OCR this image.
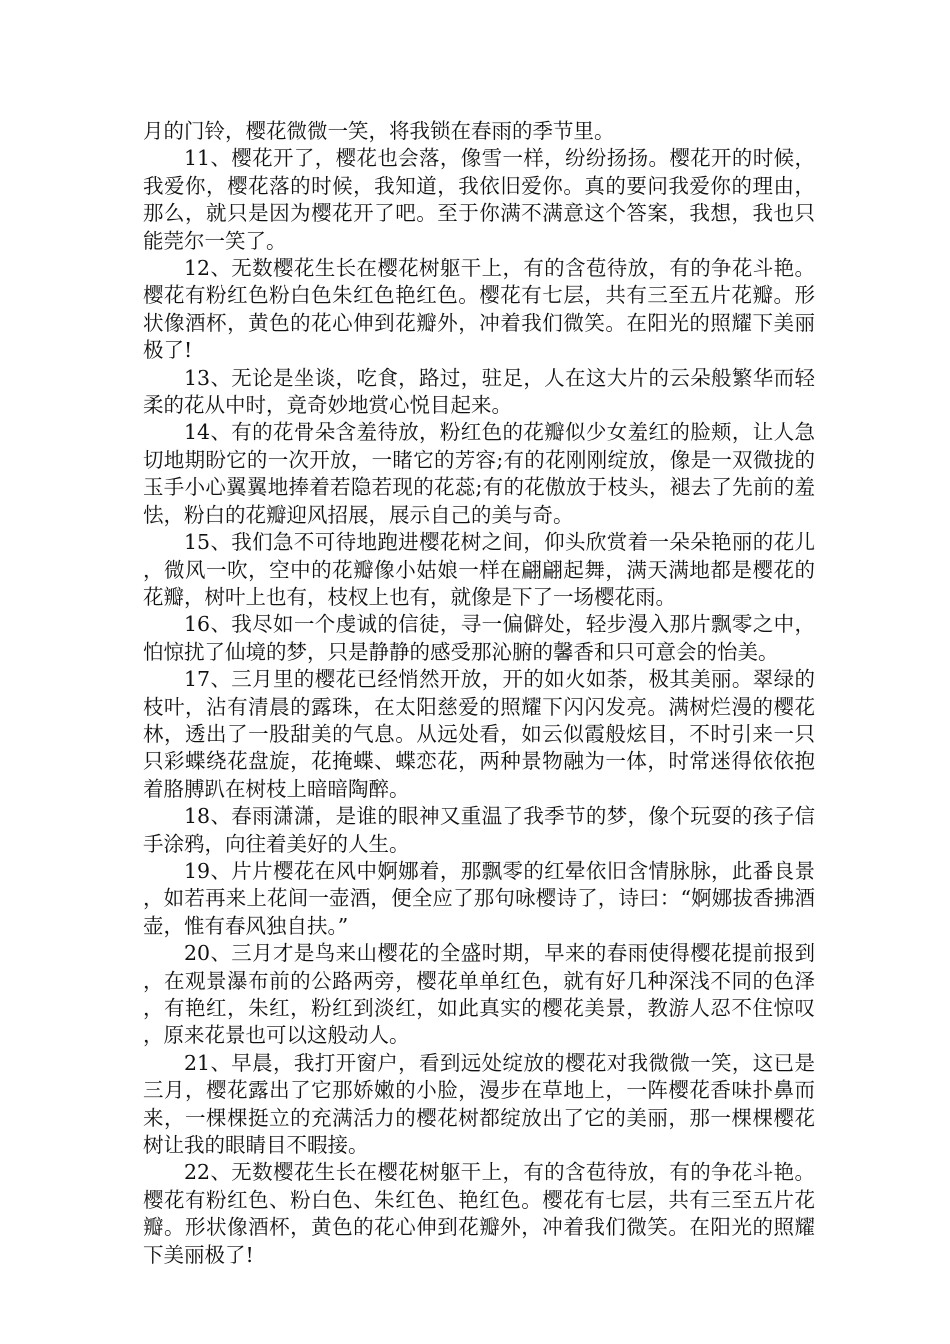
月的门铃，樱花微微一笑，将我锁在春雨的季节里。

11、樱花开了，樱花也会落，像雪一样，纷纷扬扬。樱花开的时候，我爱你，樱花落的时候，我知道，我依旧爱你。真的要问我爱你的理由，那么，就只是因为樱花开了吧。至于你满不满意这个答案，我想，我也只能莞尔一笑了。

12、无数樱花生长在樱花树躯干上，有的含苞待放，有的争花斗艳。樱花有粉红色粉白色朱红色艳红色。樱花有七层，共有三至五片花瓣。形状像酒杯，黄色的花心伸到花瓣外，冲着我们微笑。在阳光的照耀下美丽极了!

13、无论是坐谈，吃食，路过，驻足，人在这大片的云朵般繁华而轻柔的花从中时，竟奇妙地赏心悦目起来。

14、有的花骨朵含羞待放，粉红色的花瓣似少女羞红的脸颊，让人急切地期盼它的一次开放，一睹它的芳容;有的花刚刚绽放，像是一双微拢的玉手小心翼翼地捧着若隐若现的花蕊;有的花傲放于枝头，褪去了先前的羞怯，粉白的花瓣迎风招展，展示自己的美与奇。

15、我们急不可待地跑进樱花树之间，仰头欣赏着一朵朵艳丽的花儿，微风一吹，空中的花瓣像小姑娘一样在翩翩起舞，满天满地都是樱花的花瓣，树叶上也有，枝杈上也有，就像是下了一场樱花雨。

16、我尽如一个虔诚的信徒，寻一偏僻处，轻步漫入那片飘零之中，怕惊扰了仙境的梦，只是静静的感受那沁腑的馨香和只可意会的怡美。

17、三月里的樱花已经悄然开放，开的如火如荼，极其美丽。翠绿的枝叶，沾有清晨的露珠，在太阳慈爱的照耀下闪闪发亮。满树烂漫的樱花林，透出了一股甜美的气息。从远处看，如云似霞般炫目，不时引来一只只彩蝶绕花盘旋，花掩蝶、蝶恋花，两种景物融为一体，时常迷得依依抱着胳膊趴在树枝上暗暗陶醉。

18、春雨潇潇，是谁的眼神又重温了我季节的梦，像个玩耍的孩子信手涂鸦，向往着美好的人生。

19、片片樱花在风中婀娜着，那飘零的红晕依旧含情脉脉，此番良景，如若再来上花间一壶酒，便全应了那句咏樱诗了，诗曰：“婀娜拔香拂酒壶，惟有春风独自扶。”

20、三月才是鸟来山樱花的全盛时期，早来的春雨使得樱花提前报到，在观景瀑布前的公路两旁，樱花单单红色，就有好几种深浅不同的色泽，有艳红，朱红，粉红到淡红，如此真实的樱花美景，教游人忍不住惊叹，原来花景也可以这般动人。

21、早晨，我打开窗户，看到远处绽放的樱花对我微微一笑，这已是三月，樱花露出了它那娇嫩的小脸，漫步在草地上，一阵樱花香味扑鼻而来，一棵棵挺立的充满活力的樱花树都绽放出了它的美丽，那一棵棵樱花树让我的眼睛目不暇接。

22、无数樱花生长在樱花树躯干上，有的含苞待放，有的争花斗艳。樱花有粉红色、粉白色、朱红色、艳红色。樱花有七层，共有三至五片花瓣。形状像酒杯，黄色的花心伸到花瓣外，冲着我们微笑。在阳光的照耀下美丽极了!
